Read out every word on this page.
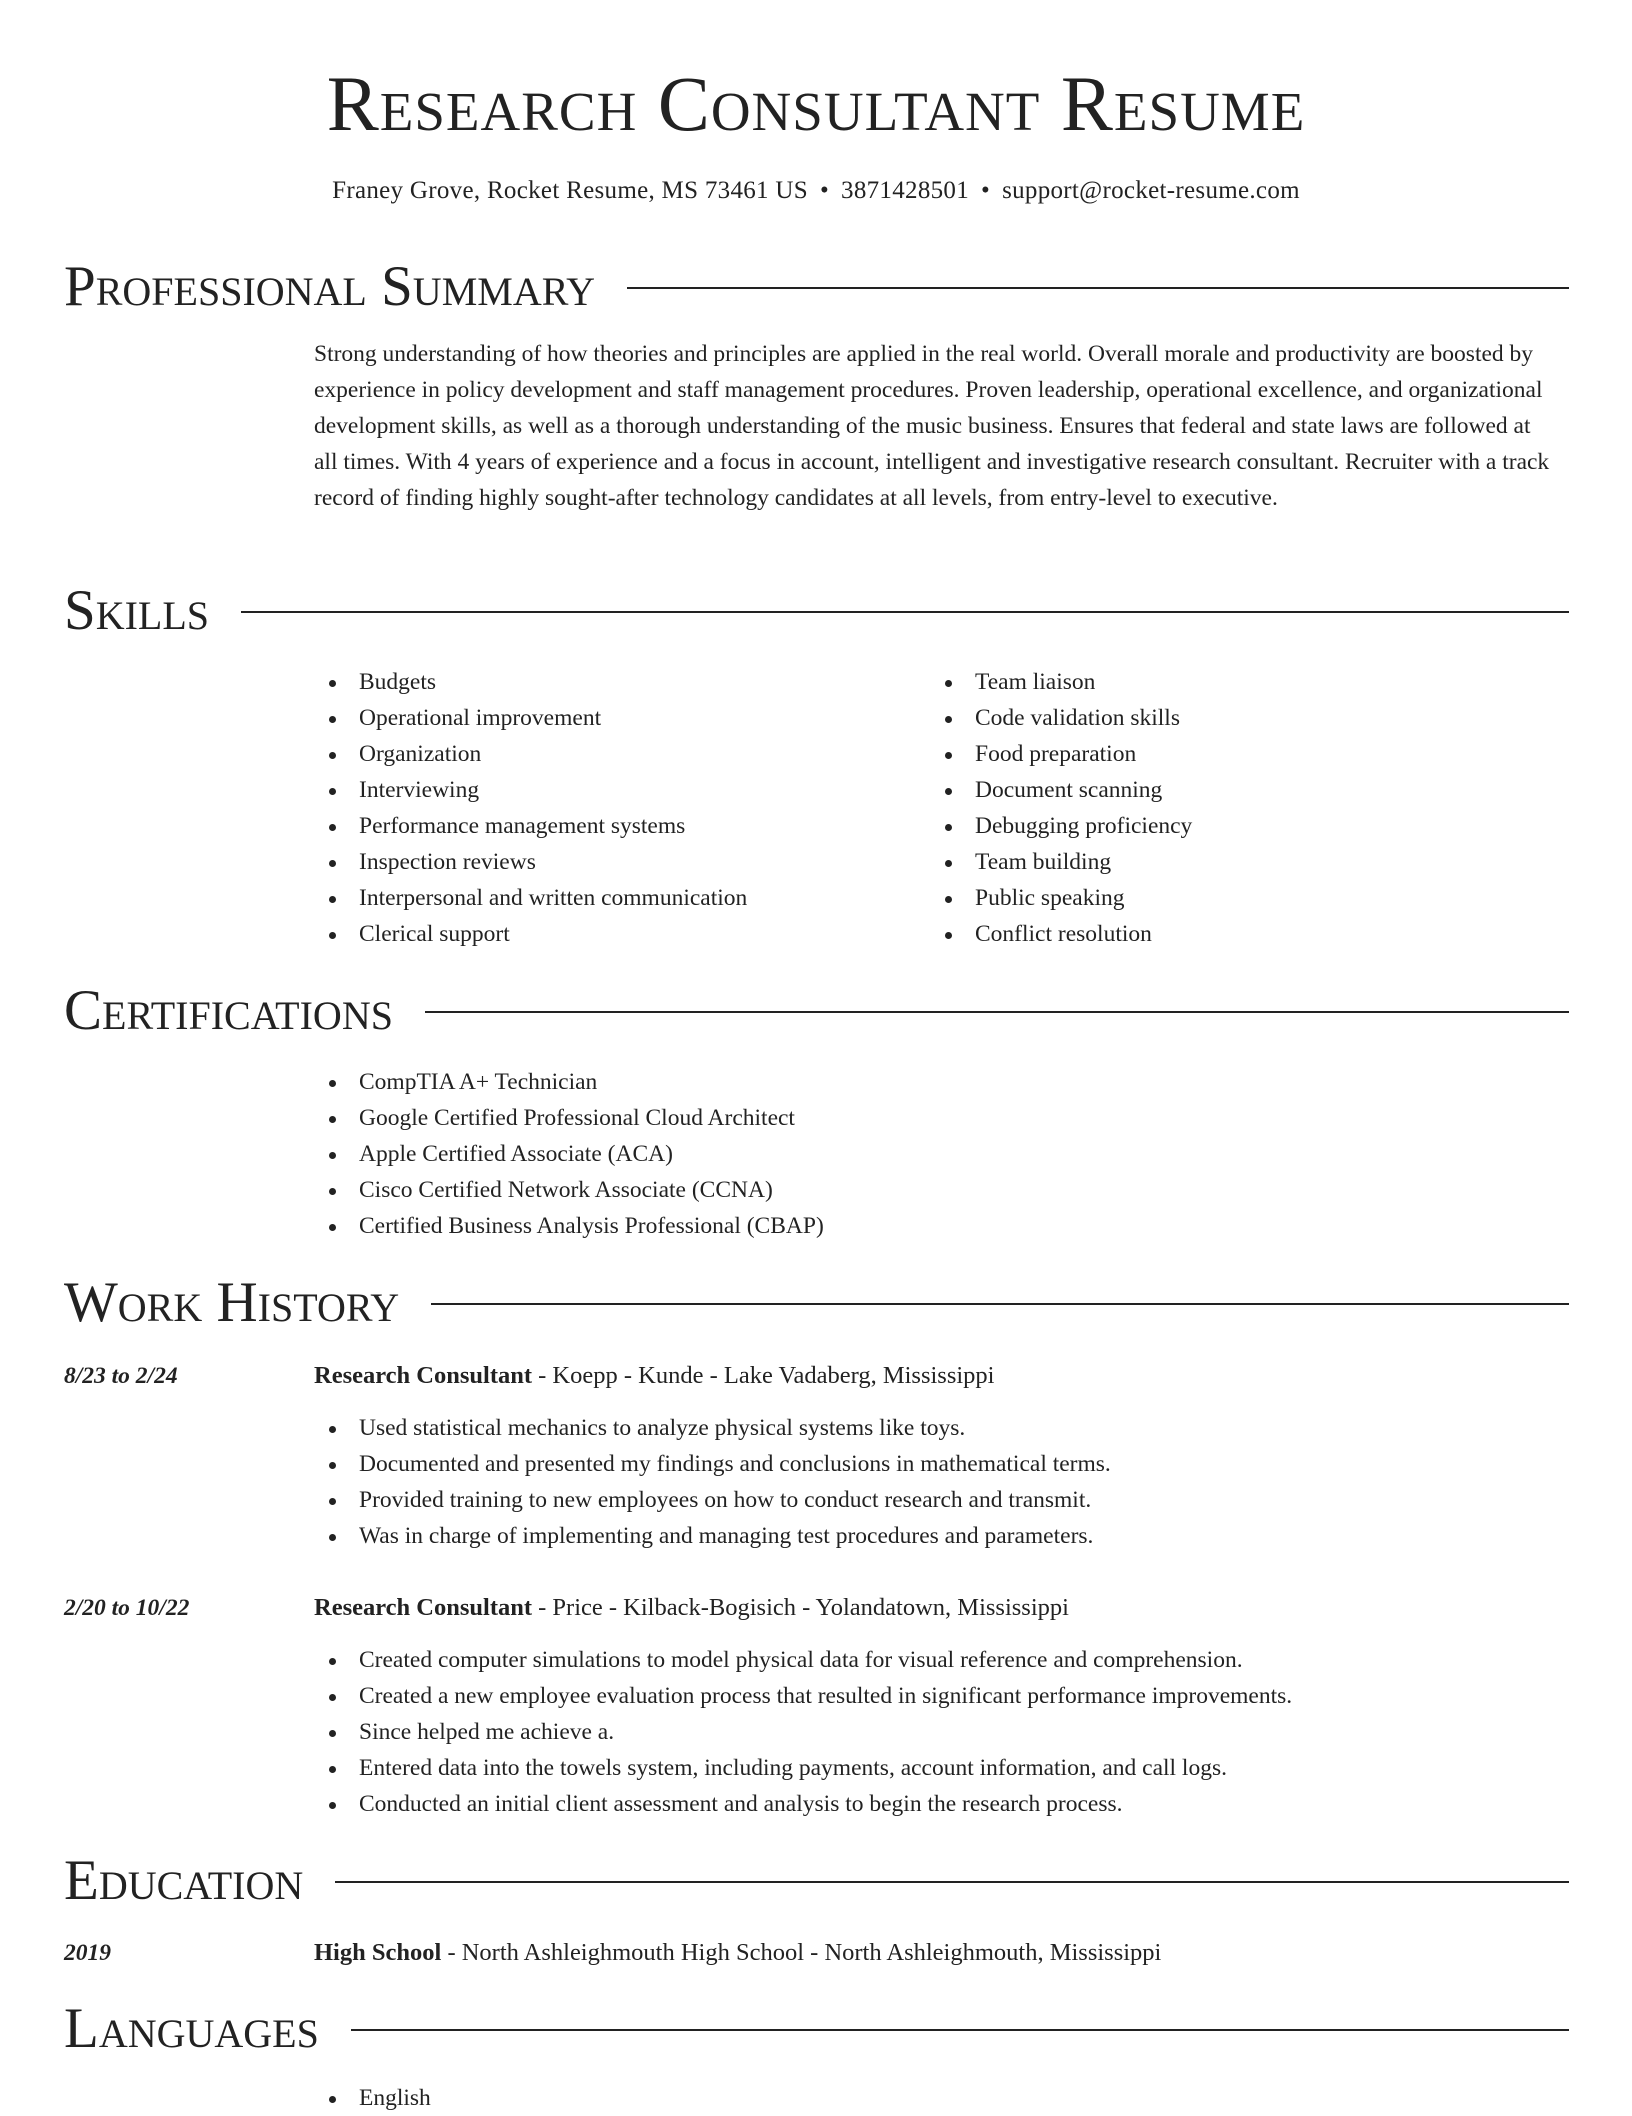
Research Consultant Resume
Franey Grove, Rocket Resume, MS 73461 US • 3871428501 • support@rocket-resume.com
Professional Summary
Strong understanding of how theories and principles are applied in the real world. Overall morale and productivity are boosted by experience in policy development and staff management procedures. Proven leadership, operational excellence, and organizational development skills, as well as a thorough understanding of the music business. Ensures that federal and state laws are followed at all times. With 4 years of experience and a focus in account, intelligent and investigative research consultant. Recruiter with a track record of finding highly sought-after technology candidates at all levels, from entry-level to executive.
Skills
Budgets
Operational improvement
Organization
Interviewing
Performance management systems
Inspection reviews
Interpersonal and written communication
Clerical support
Team liaison
Code validation skills
Food preparation
Document scanning
Debugging proficiency
Team building
Public speaking
Conflict resolution
Certifications
CompTIA A+ Technician
Google Certified Professional Cloud Architect
Apple Certified Associate (ACA)
Cisco Certified Network Associate (CCNA)
Certified Business Analysis Professional (CBAP)
Work History
8/23 to 2/24	Research Consultant - Koepp - Kunde - Lake Vadaberg, Mississippi
Used statistical mechanics to analyze physical systems like toys.
Documented and presented my findings and conclusions in mathematical terms.
Provided training to new employees on how to conduct research and transmit.
Was in charge of implementing and managing test procedures and parameters.
2/20 to 10/22	Research Consultant - Price - Kilback-Bogisich - Yolandatown, Mississippi
Created computer simulations to model physical data for visual reference and comprehension.
Created a new employee evaluation process that resulted in significant performance improvements.
Since helped me achieve a.
Entered data into the towels system, including payments, account information, and call logs.
Conducted an initial client assessment and analysis to begin the research process.
Education
2019	High School - North Ashleighmouth High School - North Ashleighmouth, Mississippi
Languages
English
